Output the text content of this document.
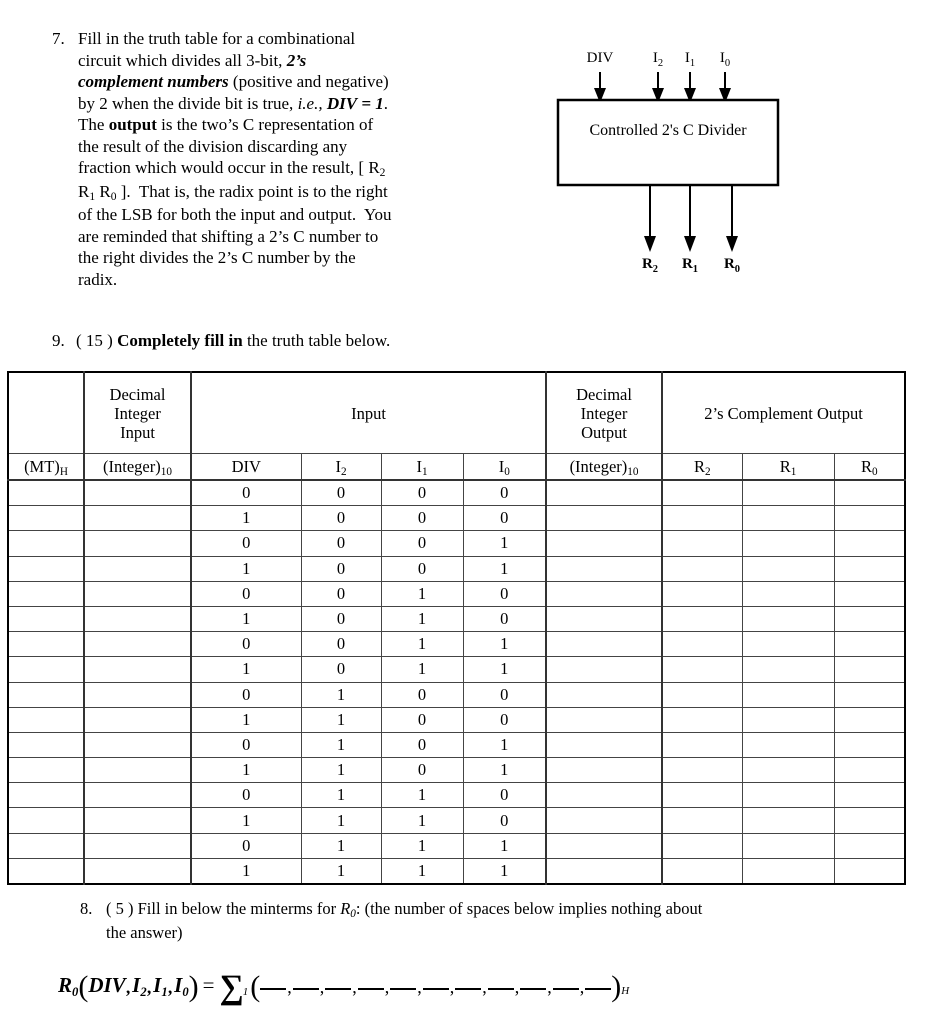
7. Fill in the truth table for a combinational

circuit which divides all 3-bit, 2’s

complement numbers (positive and negative)

by 2 when the divide bit is true, i.e., DIV = 1.

The output is the two’s C representation of

the result of the division discarding any

fraction which would occur in the result, [ $R_2$

$R_1$ $R_0$ ].  That is, the radix point is to the right

of the LSB for both the input and output.  You

are reminded that shifting a 2’s C number to

the right divides the 2’s C number by the

radix.

DIV	$I_2$ $I_1$ $I_0$
Controlled 2's C Divider
$R_2$ $R_1$ $R_0$
9. ( 15 ) Completely fill in the truth table below.
	Decimal
Integer
Input	Input				Decimal
Integer
Output	2’s Complement Output		
$(MT)_H$	$(Integer)_{10}$	DIV	$I_2$	$I_1$	$I_0$	$(Integer)_{10}$	$R_2$	$R_1$	$R_0$
		0	0	0	0				
		1	0	0	0				
		0	0	0	1				
		1	0	0	1				
		0	0	1	0				
		1	0	1	0				
		0	0	1	1				
		1	0	1	1				
		0	1	0	0				
		1	1	0	0				
		0	1	0	1				
		1	1	0	1				
		0	1	1	0				
		1	1	1	0				
		0	1	1	1				
		1	1	1	1				
8. ( 5 ) Fill in below the minterms for $R_0$: (the number of spaces below implies nothing about

the answer)

$R_0$ ( $DIV,I_2,I_1,I_0$ ) = ∑ 1 (	, , , , , , , , , , ) H
